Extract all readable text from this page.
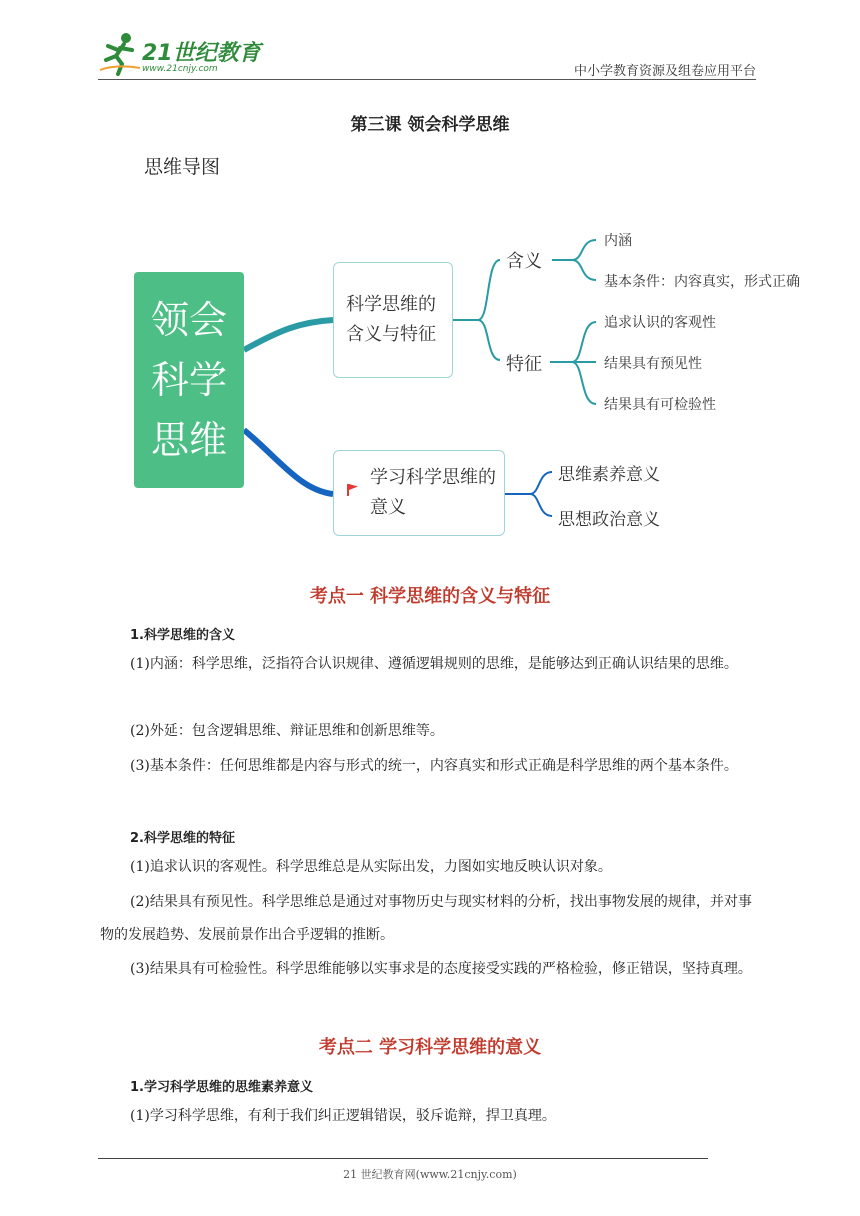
21世纪教育
www.21cnjy.com	中小学教育资源及组卷应用平台
第三课 领会科学思维
思维导图
领会
科学
思维
科学思维的含义与特征
含义
特征
内涵
基本条件：内容真实，形式正确
追求认识的客观性
结果具有预见性
结果具有可检验性
学习科学思维的意义
思维素养意义
思想政治意义
考点一 科学思维的含义与特征
1.科学思维的含义
(1)内涵：科学思维，泛指符合认识规律、遵循逻辑规则的思维，是能够达到正确认识结果的思维。
(2)外延：包含逻辑思维、辩证思维和创新思维等。
(3)基本条件：任何思维都是内容与形式的统一，内容真实和形式正确是科学思维的两个基本条件。
2.科学思维的特征
(1)追求认识的客观性。科学思维总是从实际出发，力图如实地反映认识对象。
(2)结果具有预见性。科学思维总是通过对事物历史与现实材料的分析，找出事物发展的规律，并对事物的发展趋势、发展前景作出合乎逻辑的推断。
(3)结果具有可检验性。科学思维能够以实事求是的态度接受实践的严格检验，修正错误，坚持真理。
考点二 学习科学思维的意义
1.学习科学思维的思维素养意义
(1)学习科学思维，有利于我们纠正逻辑错误，驳斥诡辩，捍卫真理。
21 世纪教育网(www.21cnjy.com)
